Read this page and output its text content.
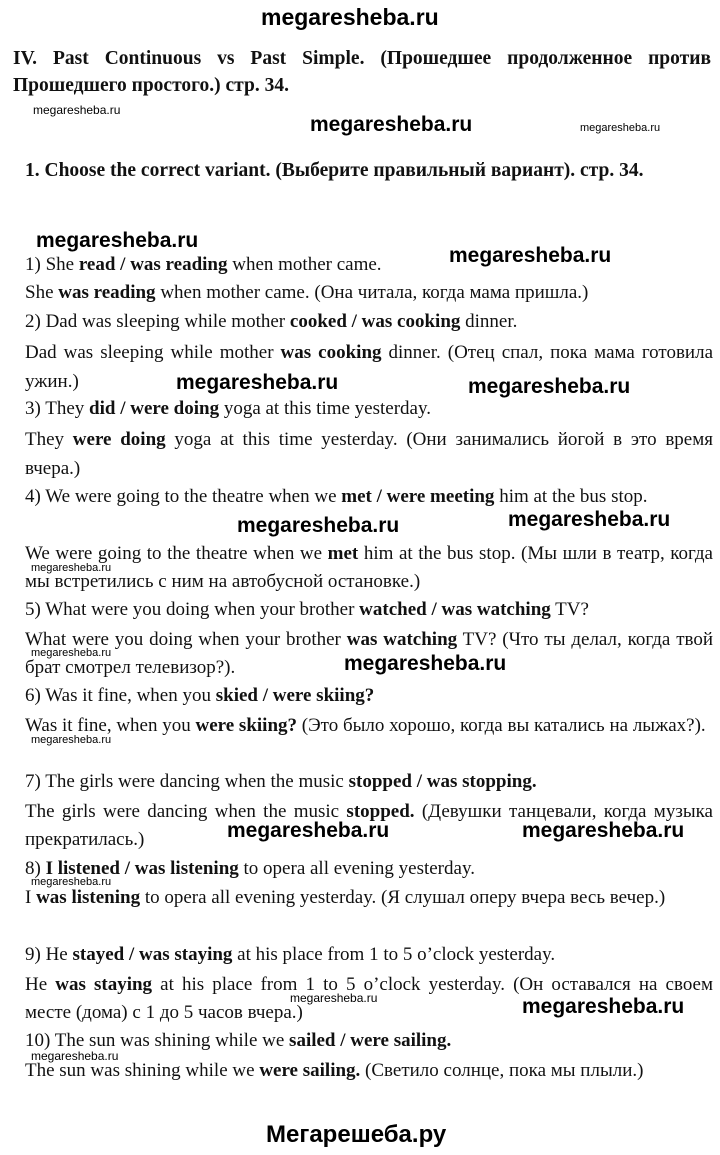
megaresheba.ru
IV. Past Continuous vs Past Simple. (Прошедшее продолженное против Прошедшего простого.) стр. 34.
1. Choose the correct variant. (Выберите правильный вариант). стр. 34.
1) She read / was reading when mother came.
She was reading when mother came. (Она читала, когда мама пришла.)
2) Dad was sleeping while mother cooked / was cooking dinner.
Dad was sleeping while mother was cooking dinner. (Отец спал, пока мама готовила ужин.)
3) They did / were doing yoga at this time yesterday.
They were doing yoga at this time yesterday. (Они занимались йогой в это время вчера.)
4) We were going to the theatre when we met / were meeting him at the bus stop.
We were going to the theatre when we met him at the bus stop. (Мы шли в театр, когда мы встретились с ним на автобусной остановке.)
5) What were you doing when your brother watched / was watching TV?
What were you doing when your brother was watching TV? (Что ты делал, когда твой брат смотрел телевизор?).
6) Was it fine, when you skied / were skiing?
Was it fine, when you were skiing? (Это было хорошо, когда вы катались на лыжах?).
7) The girls were dancing when the music stopped / was stopping.
The girls were dancing when the music stopped. (Девушки танцевали, когда музыка прекратилась.)
8) I listened / was listening to opera all evening yesterday.
I was listening to opera all evening yesterday. (Я слушал оперу вчера весь вечер.)
9) He stayed / was staying at his place from 1 to 5 o’clock yesterday.
He was staying at his place from 1 to 5 o’clock yesterday. (Он оставался на своем месте (дома) с 1 до 5 часов вчера.)
10) The sun was shining while we sailed / were sailing.
The sun was shining while we were sailing. (Светило солнце, пока мы плыли.)
Мегарешеба.ру
megaresheba.ru
megaresheba.ru	megaresheba.ru
megaresheba.ru
megaresheba.ru
megaresheba.ru	megaresheba.ru
megaresheba.ru	megaresheba.ru
megaresheba.ru
megaresheba.ru	megaresheba.ru
megaresheba.ru
megaresheba.ru	megaresheba.ru
megaresheba.ru
megaresheba.ru	megaresheba.ru
megaresheba.ru
